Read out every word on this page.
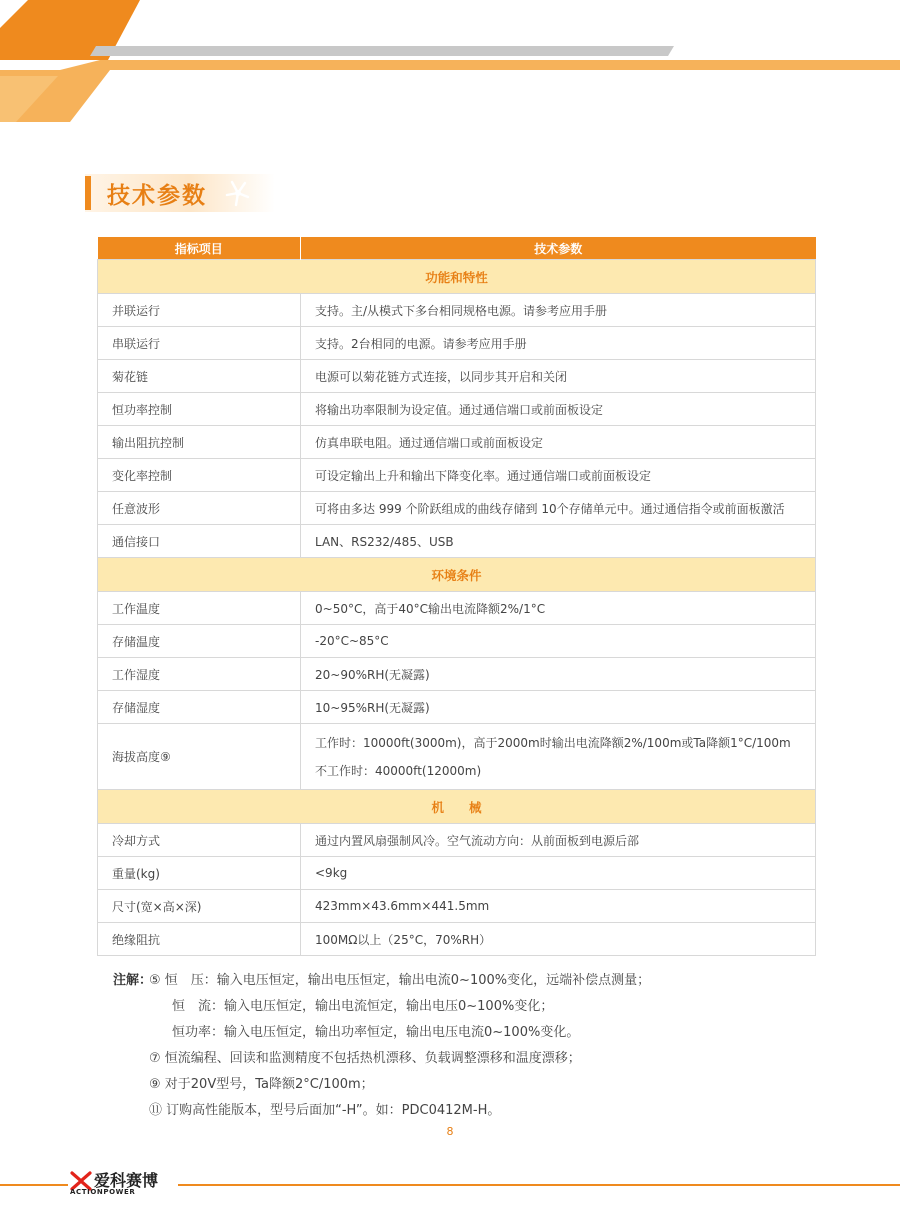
技术参数
指标项目	技术参数
功能和特性	
并联运行	支持。主/从模式下多台相同规格电源。请参考应用手册
串联运行	支持。2台相同的电源。请参考应用手册
菊花链	电源可以菊花链方式连接，以同步其开启和关闭
恒功率控制	将输出功率限制为设定值。通过通信端口或前面板设定
输出阻抗控制	仿真串联电阻。通过通信端口或前面板设定
变化率控制	可设定输出上升和输出下降变化率。通过通信端口或前面板设定
任意波形	可将由多达 999 个阶跃组成的曲线存储到 10个存储单元中。通过通信指令或前面板激活
通信接口	LAN、RS232/485、USB
环境条件	
工作温度	0~50°C，高于40°C输出电流降额2%/1°C
存储温度	-20°C~85°C
工作湿度	20~90%RH(无凝露)
存储湿度	10~95%RH(无凝露)
海拔高度⑨	工作时：10000ft(3000m)，高于2000m时输出电流降额2%/100m或Ta降额1°C/100m
不工作时：40000ft(12000m)

机　　械	
冷却方式	通过内置风扇强制风冷。空气流动方向：从前面板到电源后部
重量(kg)	<9kg
尺寸(宽×高×深)	423mm×43.6mm×441.5mm
绝缘阻抗	100MΩ以上（25°C，70%RH）
注解：
⑤ 恒　压：输入电压恒定，输出电压恒定，输出电流0~100%变化，远端补偿点测量；
恒　流：输入电压恒定，输出电流恒定，输出电压0~100%变化；
恒功率：输入电压恒定，输出功率恒定，输出电压电流0~100%变化。
⑦ 恒流编程、回读和监测精度不包括热机漂移、负载调整漂移和温度漂移；
⑨ 对于20V型号，Ta降额2°C/100m；
⑪ 订购高性能版本，型号后面加“-H”。如：PDC0412M-H。
8
爱科赛博
ACTIONPOWER
